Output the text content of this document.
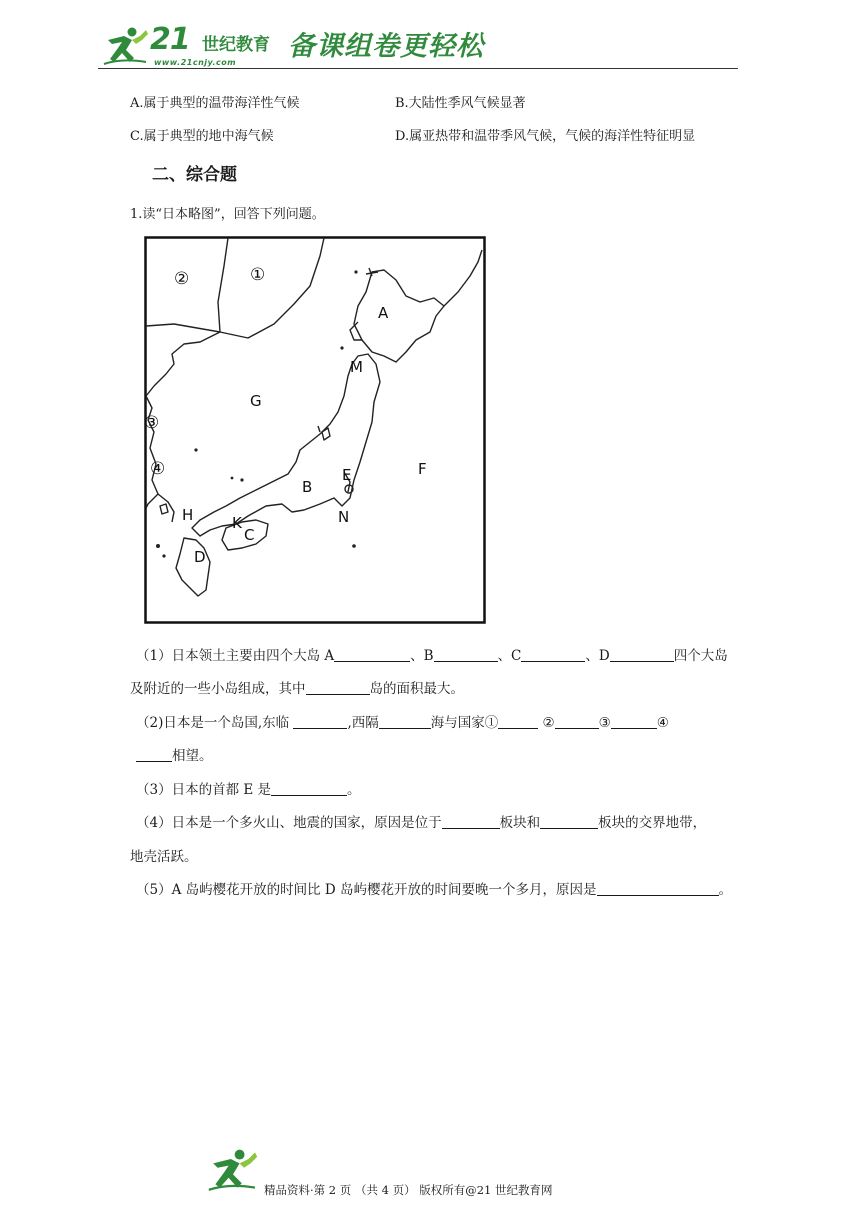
21 世纪教育
www.21cnjy.com
备课组卷更轻松
A.属于典型的温带海洋性气候	B.大陆性季风气候显著
C.属于典型的地中海气候	D.属亚热带和温带季风气候，气候的海洋性特征明显
二、综合题
1.读“日本略图”，回答下列问题。
②	①
③
④
A
M
G
B
E	F
N
H	K
C
D
（1）日本领土主要由四个大岛 A	、B	、C	、D	四个大岛
及附近的一些小岛组成，其中	岛的面积最大。
（2)日本是一个岛国,东临	,西隔	海与国家①	②	③	④
相望。
（3）日本的首都 E 是	。
（4）日本是一个多火山、地震的国家，原因是位于	板块和	板块的交界地带，
地壳活跃。
（5）A 岛屿樱花开放的时间比 D 岛屿樱花开放的时间要晚一个多月，原因是	。
精品资料·第 2 页 （共 4 页） 版权所有@21 世纪教育网
